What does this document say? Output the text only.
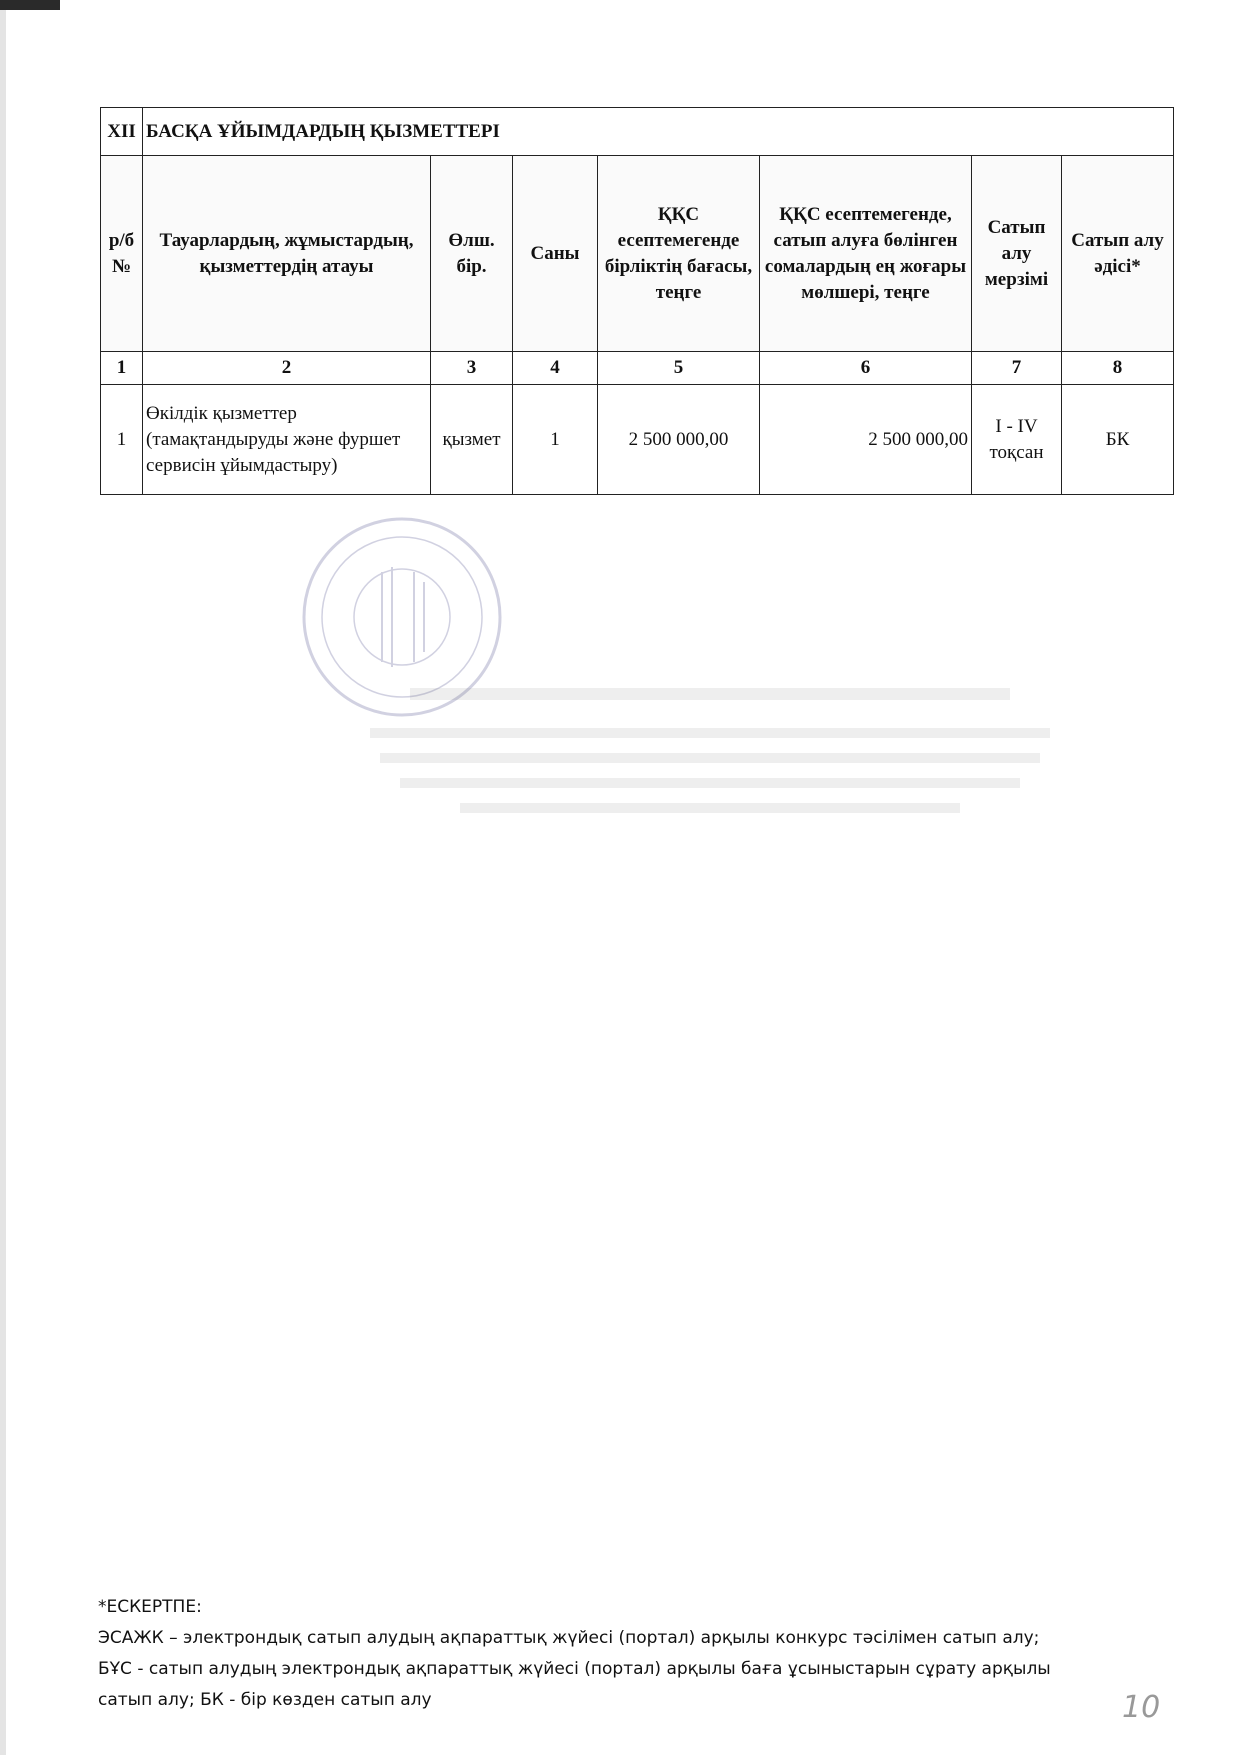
XII	БАСҚА ҰЙЫМДАРДЫҢ ҚЫЗМЕТТЕРІ						
р/б №	Тауарлардың, жұмыстардың, қызметтердің атауы	Өлш. бір.	Саны	ҚҚС есептемегенде бірліктің бағасы, теңге	ҚҚС есептемегенде, сатып алуға бөлінген сомалардың ең жоғары мөлшері, теңге	Сатып алу мерзімі	Сатып алу әдісі*
1	2	3	4	5	6	7	8
1	Өкілдік қызметтер (тамақтандыруды және фуршет сервисін ұйымдастыру)	қызмет	1	2 500 000,00	2 500 000,00	I - IV тоқсан	БК
*ЕСКЕРТПЕ:
ЭСАЖК – электрондық сатып алудың ақпараттық жүйесі (портал) арқылы конкурс тәсілімен сатып алу;
БҰС - сатып алудың электрондық ақпараттық жүйесі (портал) арқылы баға ұсыныстарын сұрату арқылы сатып алу; БК - бір көзден сатып алу	10
